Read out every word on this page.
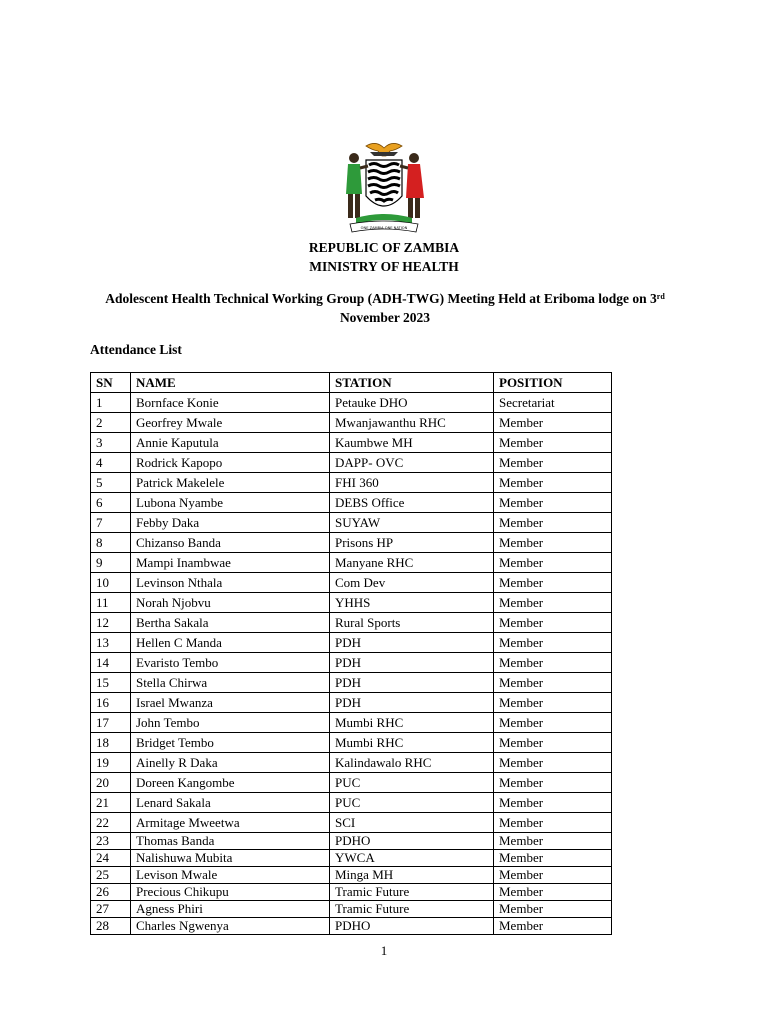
ONE ZAMBIA ONE NATION
REPUBLIC OF ZAMBIA
MINISTRY OF HEALTH
Adolescent Health Technical Working Group (ADH-TWG) Meeting Held at Eriboma lodge on 3rd
November 2023
Attendance List
SN	NAME	STATION	POSITION
1	Bornface Konie	Petauke DHO	Secretariat
2	Georfrey Mwale	Mwanjawanthu RHC	Member
3	Annie Kaputula	Kaumbwe MH	Member
4	Rodrick Kapopo	DAPP- OVC	Member
5	Patrick Makelele	FHI 360	Member
6	Lubona Nyambe	DEBS Office	Member
7	Febby Daka	SUYAW	Member
8	Chizanso Banda	Prisons HP	Member
9	Mampi Inambwae	Manyane RHC	Member
10	Levinson Nthala	Com Dev	Member
11	Norah Njobvu	YHHS	Member
12	Bertha Sakala	Rural Sports	Member
13	Hellen C Manda	PDH	Member
14	Evaristo Tembo	PDH	Member
15	Stella Chirwa	PDH	Member
16	Israel Mwanza	PDH	Member
17	John Tembo	Mumbi RHC	Member
18	Bridget Tembo	Mumbi RHC	Member
19	Ainelly R Daka	Kalindawalo RHC	Member
20	Doreen Kangombe	PUC	Member
21	Lenard Sakala	PUC	Member
22	Armitage Mweetwa	SCI	Member
23	Thomas Banda	PDHO	Member
24	Nalishuwa Mubita	YWCA	Member
25	Levison Mwale	Minga MH	Member
26	Precious Chikupu	Tramic Future	Member
27	Agness Phiri	Tramic Future	Member
28	Charles Ngwenya	PDHO	Member
1
